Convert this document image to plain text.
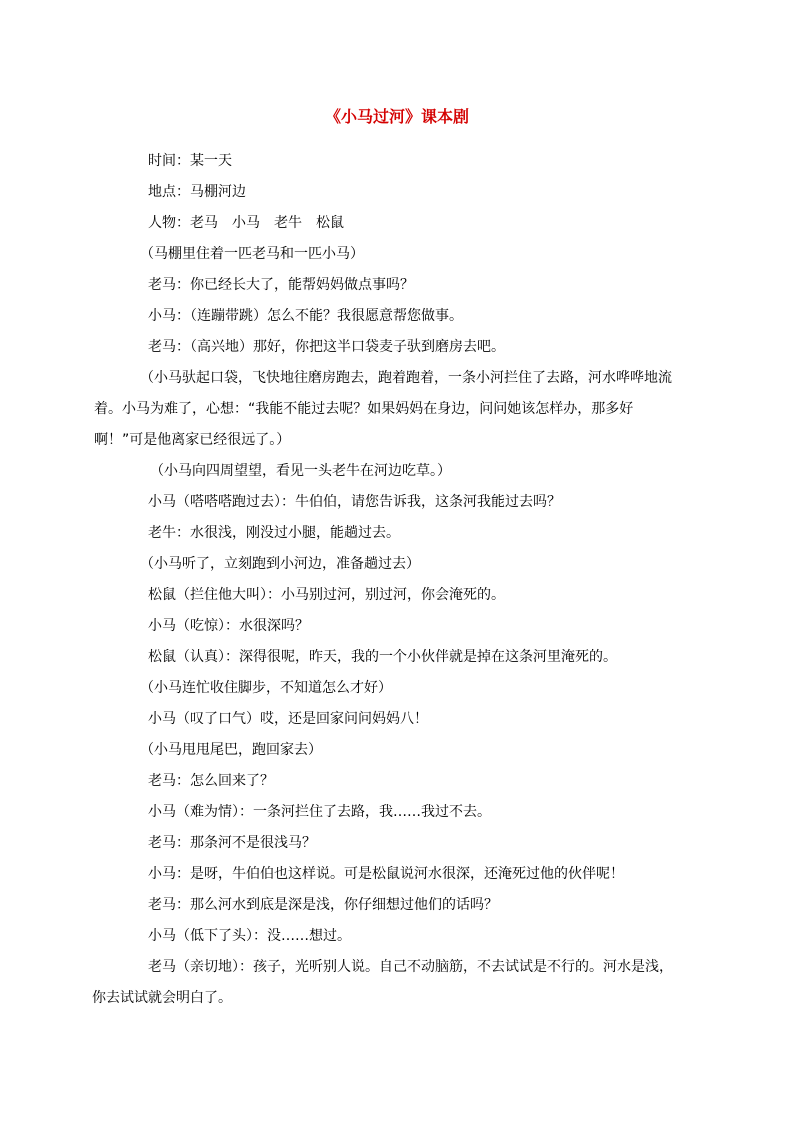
《小马过河》课本剧

时间：某一天

地点：马棚河边

人物：老马　小马　老牛　松鼠

（马棚里住着一匹老马和一匹小马）

老马：你已经长大了，能帮妈妈做点事吗？

小马：（连蹦带跳）怎么不能？我很愿意帮您做事。

老马：（高兴地）那好，你把这半口袋麦子驮到磨房去吧。

（小马驮起口袋，飞快地往磨房跑去，跑着跑着，一条小河拦住了去路，河水哗哗地流着。小马为难了，心想：“我能不能过去呢？如果妈妈在身边，问问她该怎样办，那多好啊！”可是他离家已经很远了。）

（小马向四周望望，看见一头老牛在河边吃草。）

小马（嗒嗒嗒跑过去）：牛伯伯，请您告诉我，这条河我能过去吗？

老牛：水很浅，刚没过小腿，能趟过去。

（小马听了，立刻跑到小河边，准备趟过去）

松鼠（拦住他大叫）：小马别过河，别过河，你会淹死的。

小马（吃惊）：水很深吗？

松鼠（认真）：深得很呢，昨天，我的一个小伙伴就是掉在这条河里淹死的。

（小马连忙收住脚步，不知道怎么才好）

小马（叹了口气）哎，还是回家问问妈妈八！

（小马甩甩尾巴，跑回家去）

老马：怎么回来了？

小马（难为情）：一条河拦住了去路，我……我过不去。

老马：那条河不是很浅马？

小马：是呀，牛伯伯也这样说。可是松鼠说河水很深，还淹死过他的伙伴呢！

老马：那么河水到底是深是浅，你仔细想过他们的话吗？

小马（低下了头）：没……想过。

老马（亲切地）：孩子，光听别人说。自己不动脑筋，不去试试是不行的。河水是浅，你去试试就会明白了。
